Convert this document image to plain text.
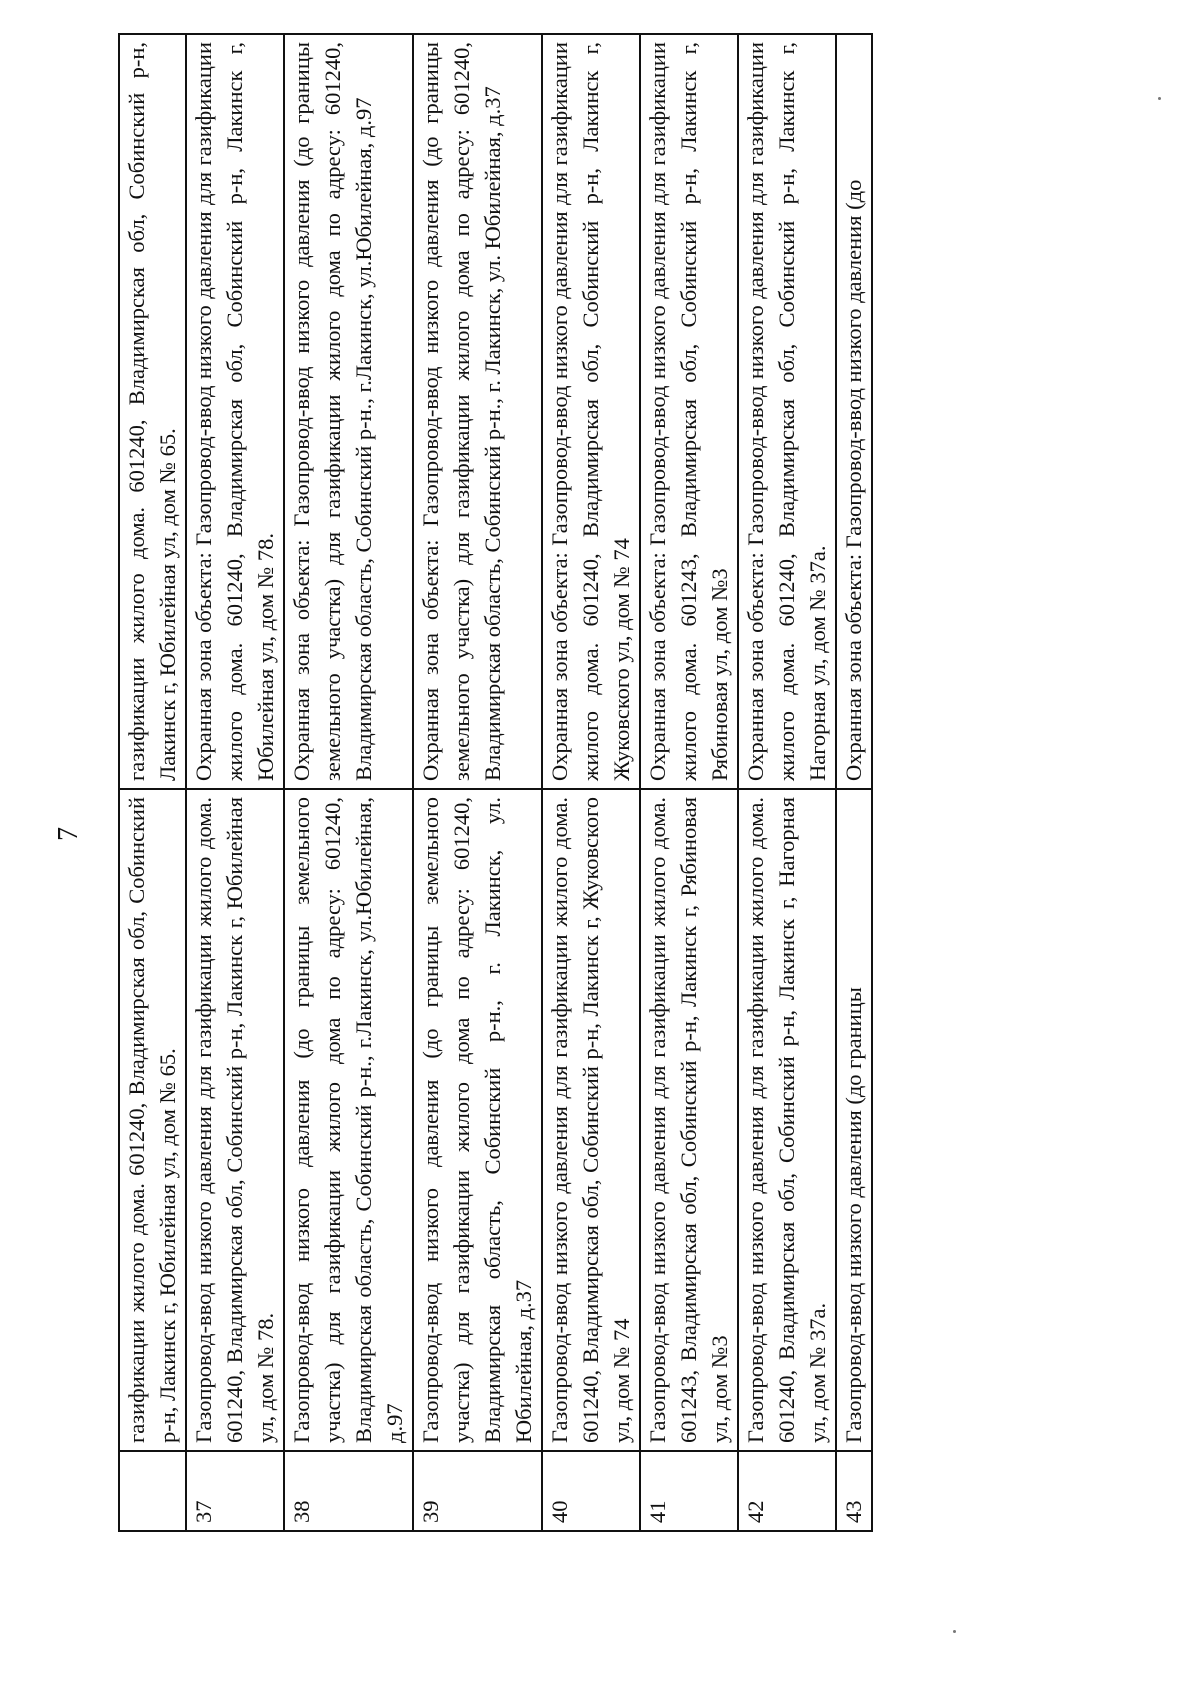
7
	газификации жилого дома. 601240, Владимирская обл, Собинский р-н, Лакинск г, Юбилейная ул, дом № 65.	газификации жилого дома. 601240, Владимирская обл, Собинский р-н, Лакинск г, Юбилейная ул, дом № 65.
37	Газопровод-ввод низкого давления для газификации жилого дома. 601240, Владимирская обл, Собинский р-н, Лакинск г, Юбилейная ул, дом № 78.	Охранная зона объекта: Газопровод-ввод низкого давления для газификации жилого дома. 601240, Владимирская обл, Собинский р-н, Лакинск г, Юбилейная ул, дом № 78.
38	Газопровод-ввод низкого давления (до границы земельного участка) для газификации жилого дома по адресу: 601240, Владимирская область, Собинский р-н., г.Лакинск, ул.Юбилейная, д.97	Охранная зона объекта: Газопровод-ввод низкого давления (до границы земельного участка) для газификации жилого дома по адресу: 601240, Владимирская область, Собинский р-н., г.Лакинск, ул.Юбилейная, д.97
39	Газопровод-ввод низкого давления (до границы земельного участка) для газификации жилого дома по адресу: 601240, Владимирская область, Собинский р-н., г. Лакинск, ул. Юбилейная, д.37	Охранная зона объекта: Газопровод-ввод низкого давления (до границы земельного участка) для газификации жилого дома по адресу: 601240, Владимирская область, Собинский р-н., г. Лакинск, ул. Юбилейная, д.37
40	Газопровод-ввод низкого давления для газификации жилого дома. 601240, Владимирская обл, Собинский р-н, Лакинск г, Жуковского ул, дом № 74	Охранная зона объекта: Газопровод-ввод низкого давления для газификации жилого дома. 601240, Владимирская обл, Собинский р-н, Лакинск г, Жуковского ул, дом № 74
41	Газопровод-ввод низкого давления для газификации жилого дома. 601243, Владимирская обл, Собинский р-н, Лакинск г, Рябиновая ул, дом №3	Охранная зона объекта: Газопровод-ввод низкого давления для газификации жилого дома. 601243, Владимирская обл, Собинский р-н, Лакинск г, Рябиновая ул, дом №3
42	Газопровод-ввод низкого давления для газификации жилого дома. 601240, Владимирская обл, Собинский р-н, Лакинск г, Нагорная ул, дом № 37а.	Охранная зона объекта: Газопровод-ввод низкого давления для газификации жилого дома. 601240, Владимирская обл, Собинский р-н, Лакинск г, Нагорная ул, дом № 37а.
43	Газопровод-ввод низкого давления (до границы	Охранная зона объекта: Газопровод-ввод низкого давления (до
